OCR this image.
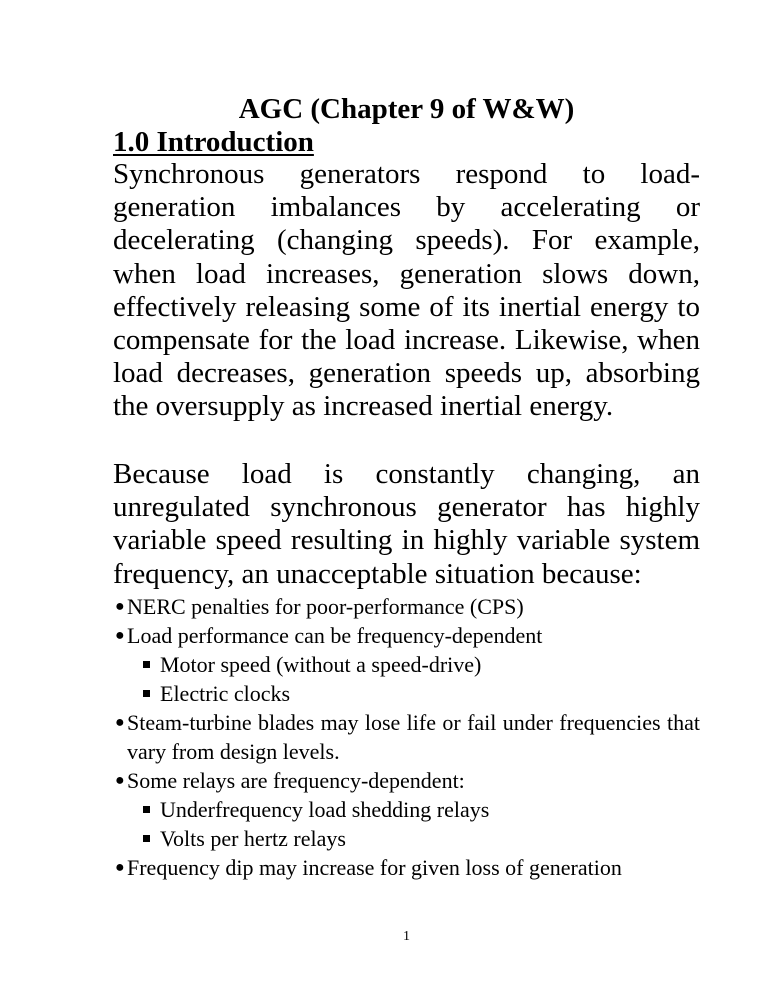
AGC (Chapter 9 of W&W)
1.0 Introduction

Synchronous generators respond to load-generation imbalances by accelerating or decelerating (changing speeds). For example, when load increases, generation slows down, effectively releasing some of its inertial energy to compensate for the load increase. Likewise, when load decreases, generation speeds up, absorbing the oversupply as increased inertial energy.

Because load is constantly changing, an unregulated synchronous generator has highly variable speed resulting in highly variable system frequency, an unacceptable situation because:

● NERC penalties for poor-performance (CPS)
● Load performance can be frequency-dependent
Motor speed (without a speed-drive)
Electric clocks
● Steam-turbine blades may lose life or fail under frequencies that vary from design levels.
● Some relays are frequency-dependent:
Underfrequency load shedding relays
Volts per hertz relays
● Frequency dip may increase for given loss of generation
1
